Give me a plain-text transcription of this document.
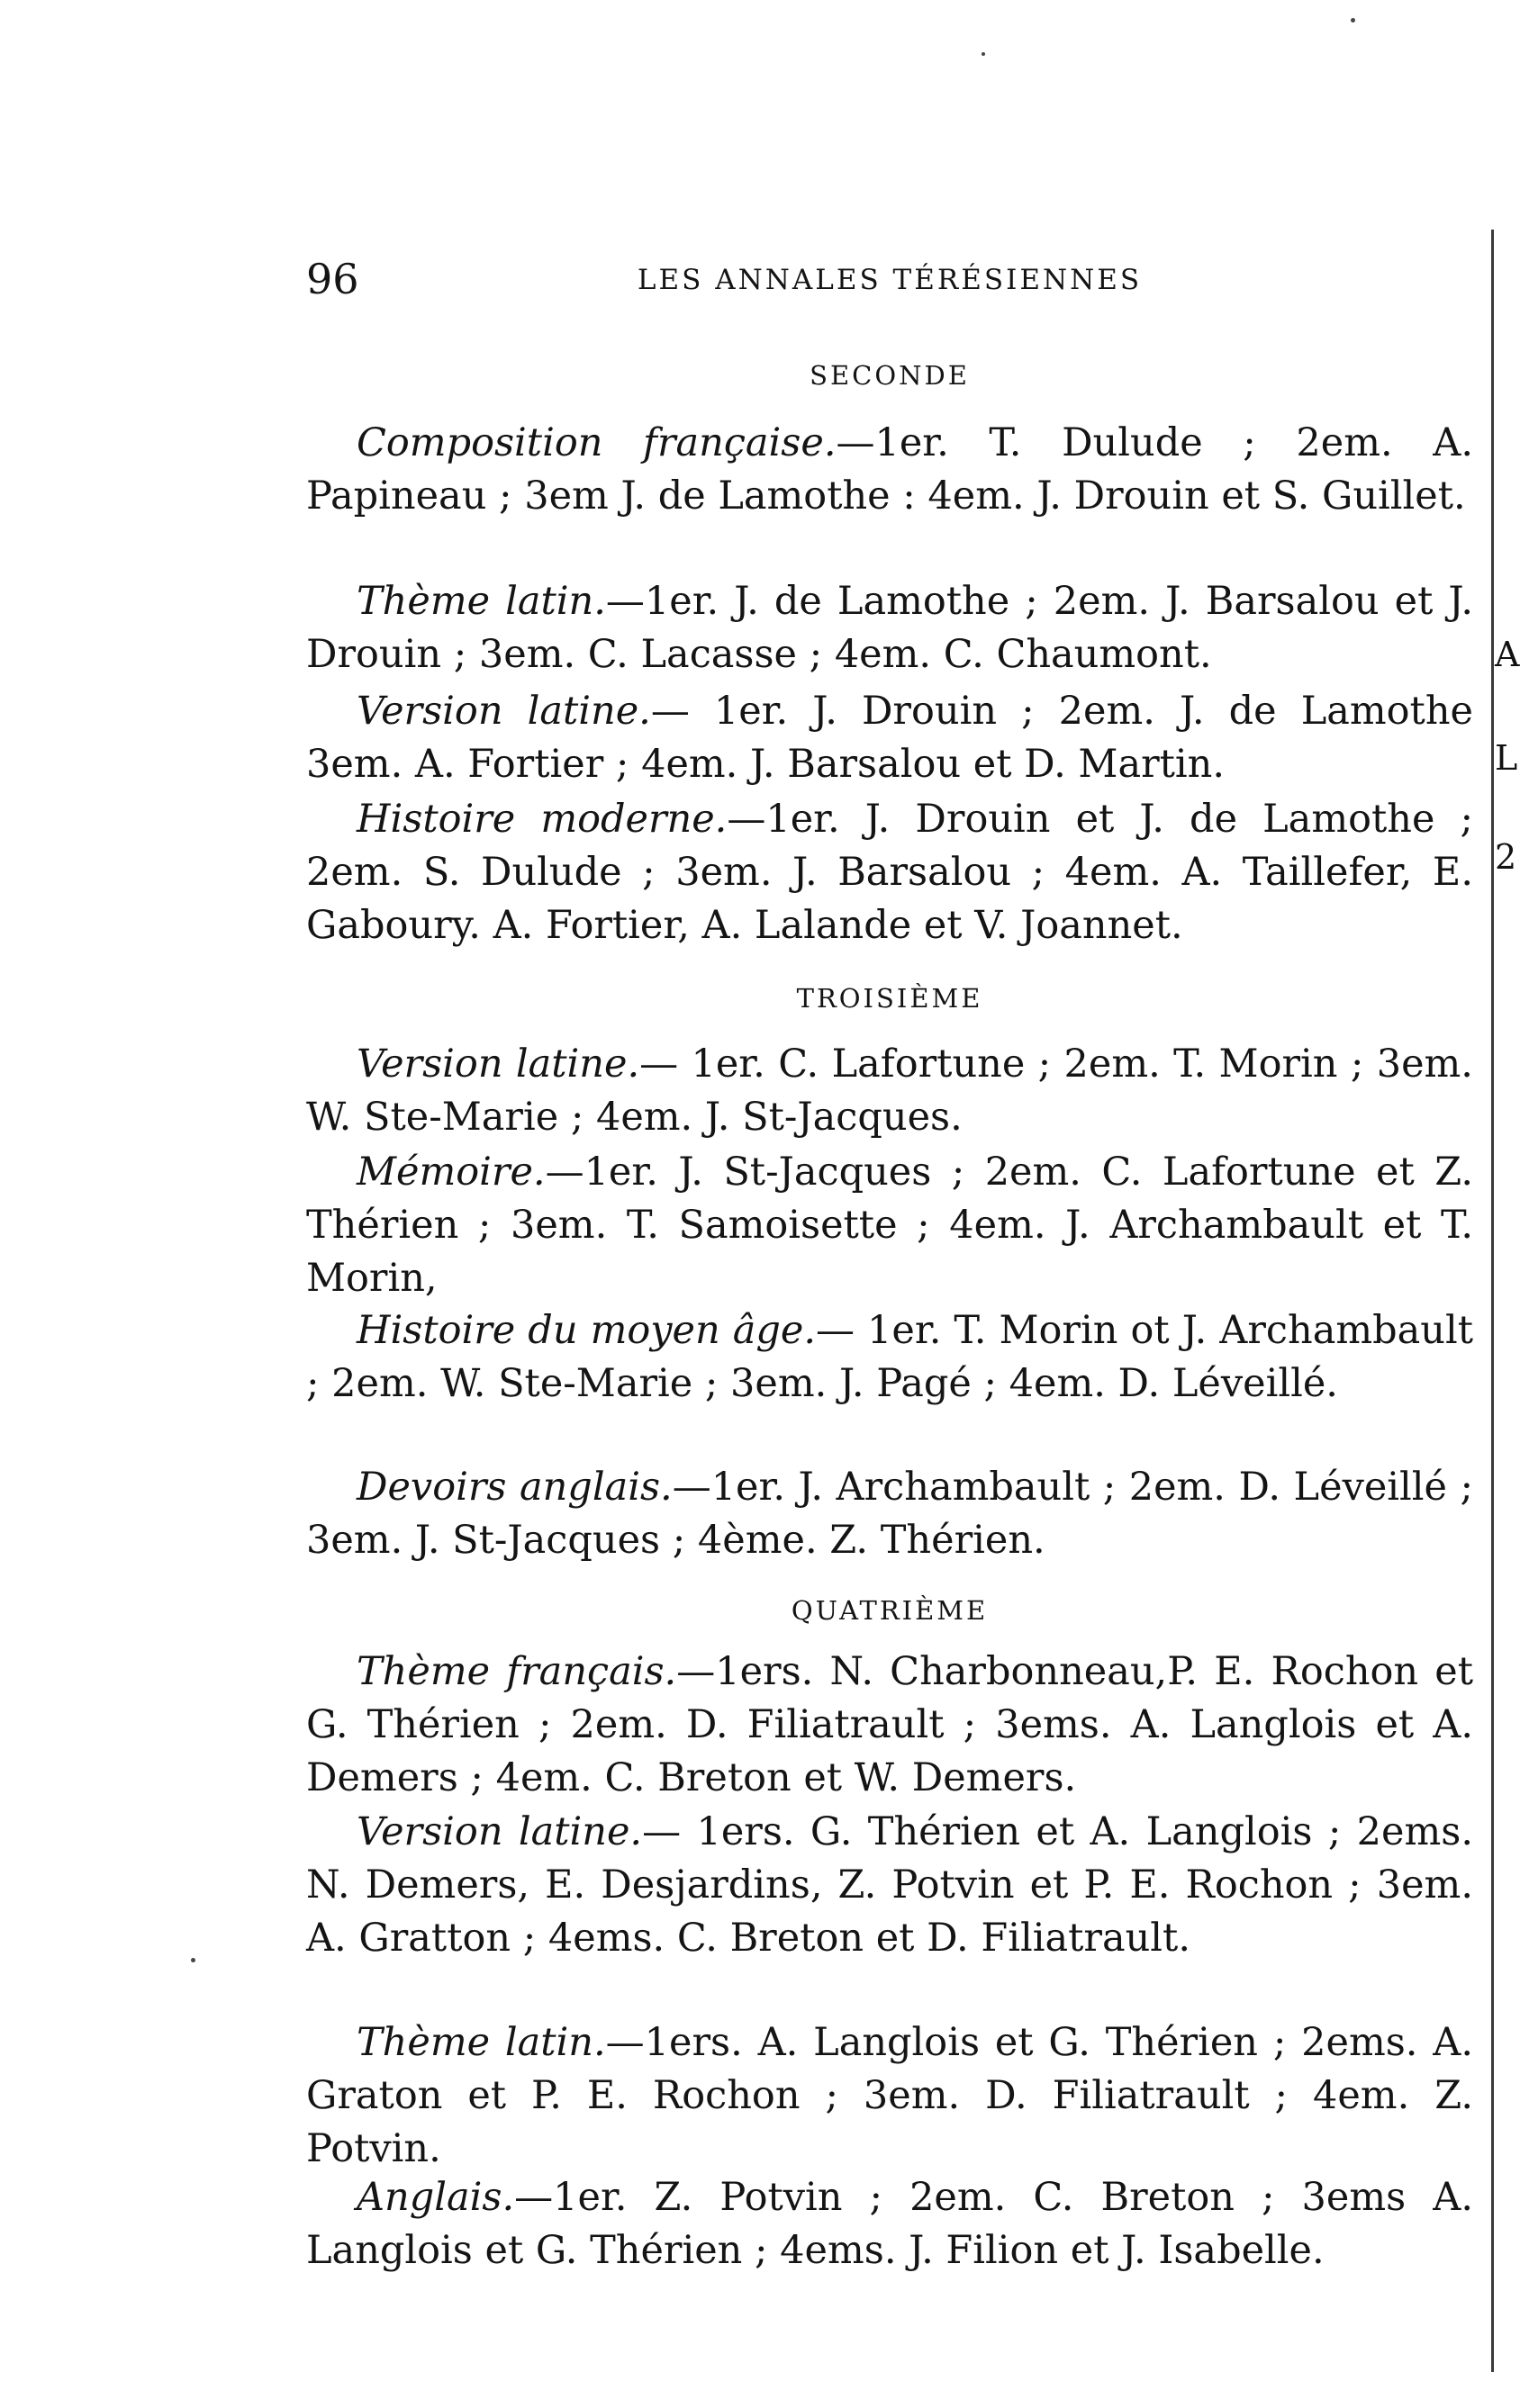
A
L
2
96	LES ANNALES TÉRÉSIENNES
SECONDE

Composition française.—1er. T. Dulude ; 2em. A. Papineau ; 3em J. de Lamothe : 4em. J. Drouin et S. Guillet.

Thème latin.—1er. J. de Lamothe ; 2em. J. Barsalou et J. Drouin ; 3em. C. Lacasse ; 4em. C. Chaumont.

Version latine.— 1er. J. Drouin ; 2em. J. de Lamothe 3em. A. Fortier ; 4em. J. Barsalou et D. Martin.

Histoire moderne.—1er. J. Drouin et J. de Lamothe ; 2em. S. Dulude ; 3em. J. Barsalou ; 4em. A. Taillefer, E. Gaboury. A. Fortier, A. Lalande et V. Joannet.

TROISIÈME

Version latine.— 1er. C. Lafortune ; 2em. T. Morin ; 3em. W. Ste-Marie ; 4em. J. St-Jacques.

Mémoire.—1er. J. St-Jacques ; 2em. C. Lafortune et Z. Thérien ; 3em. T. Samoisette ; 4em. J. Archambault et T. Morin,

Histoire du moyen âge.— 1er. T. Morin ot J. Archambault ; 2em. W. Ste-Marie ; 3em. J. Pagé ; 4em. D. Léveillé.

Devoirs anglais.—1er. J. Archambault ; 2em. D. Léveillé ; 3em. J. St-Jacques ; 4ème. Z. Thérien.

QUATRIÈME

Thème français.—1ers. N. Charbonneau,P. E. Rochon et G. Thérien ; 2em. D. Filiatrault ; 3ems. A. Langlois et A. Demers ; 4em. C. Breton et W. Demers.

Version latine.— 1ers. G. Thérien et A. Langlois ; 2ems. N. Demers, E. Desjardins, Z. Potvin et P. E. Rochon ; 3em. A. Gratton ; 4ems. C. Breton et D. Filiatrault.

Thème latin.—1ers. A. Langlois et G. Thérien ; 2ems. A. Graton et P. E. Rochon ; 3em. D. Filiatrault ; 4em. Z. Potvin.

Anglais.—1er. Z. Potvin ; 2em. C. Breton ; 3ems A. Langlois et G. Thérien ; 4ems. J. Filion et J. Isabelle.
